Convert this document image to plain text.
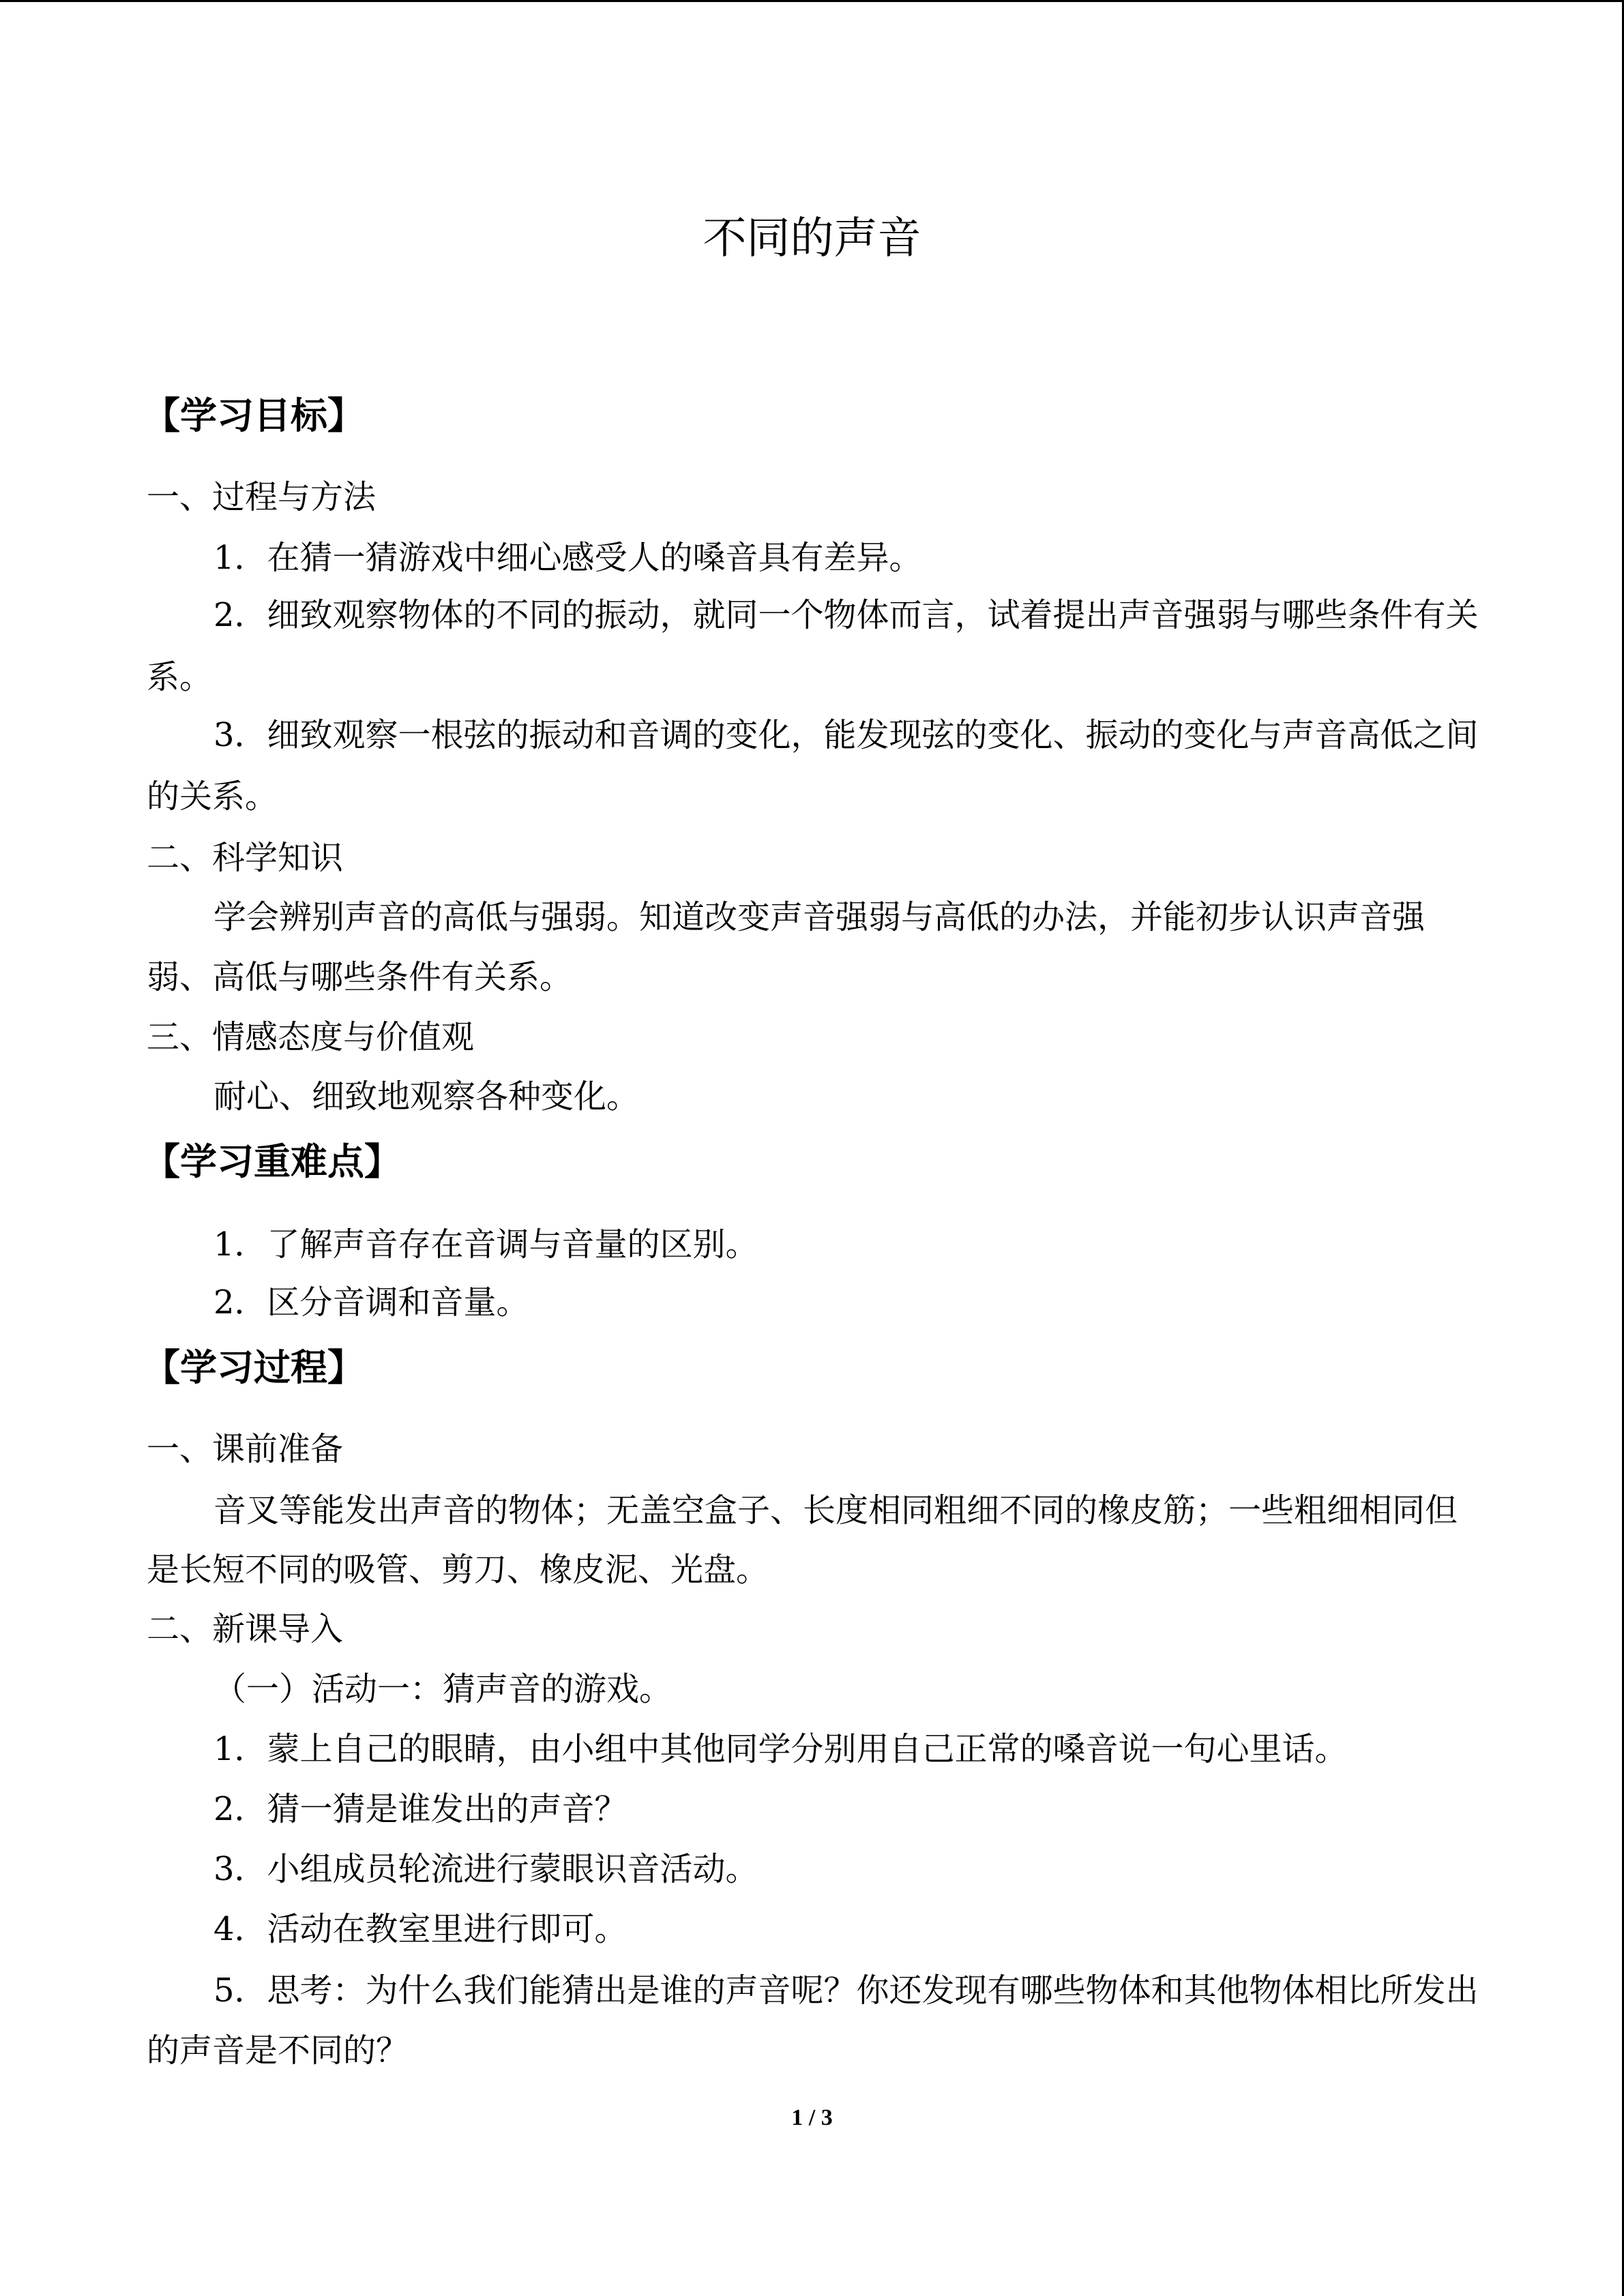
不同的声音
【学习目标】
一、过程与方法
1．在猜一猜游戏中细心感受人的嗓音具有差异。
2．细致观察物体的不同的振动，就同一个物体而言，试着提出声音强弱与哪些条件有关
系。
3．细致观察一根弦的振动和音调的变化，能发现弦的变化、振动的变化与声音高低之间
的关系。
二、科学知识
学会辨别声音的高低与强弱。知道改变声音强弱与高低的办法，并能初步认识声音强
弱、高低与哪些条件有关系。
三、情感态度与价值观
耐心、细致地观察各种变化。
【学习重难点】
1．了解声音存在音调与音量的区别。
2．区分音调和音量。
【学习过程】
一、课前准备
音叉等能发出声音的物体；无盖空盒子、长度相同粗细不同的橡皮筋；一些粗细相同但
是长短不同的吸管、剪刀、橡皮泥、光盘。
二、新课导入
（一）活动一：猜声音的游戏。
1．蒙上自己的眼睛，由小组中其他同学分别用自己正常的嗓音说一句心里话。
2．猜一猜是谁发出的声音？
3．小组成员轮流进行蒙眼识音活动。
4．活动在教室里进行即可。
5．思考：为什么我们能猜出是谁的声音呢？你还发现有哪些物体和其他物体相比所发出
的声音是不同的？
1 / 3
